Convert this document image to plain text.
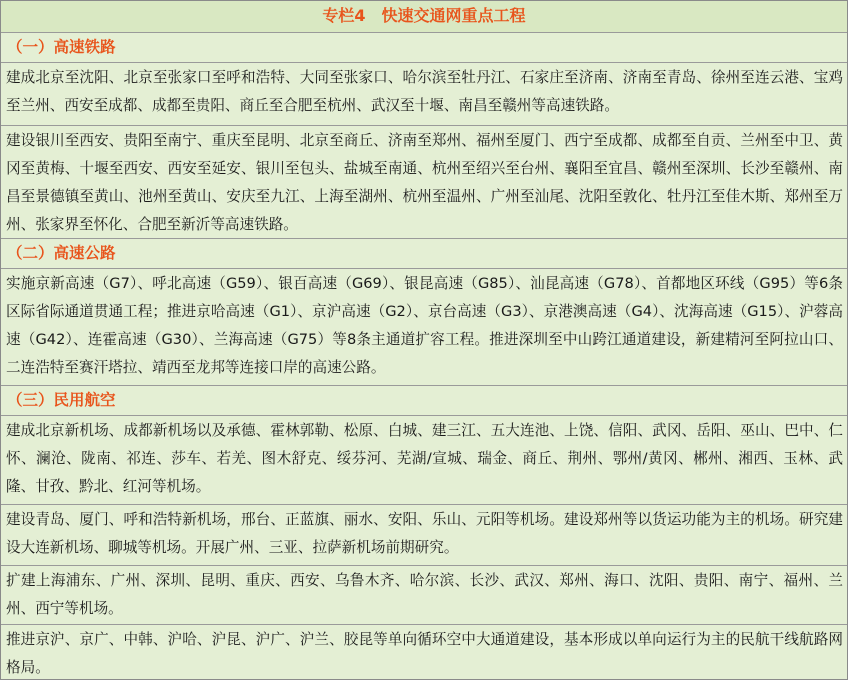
专栏4　快速交通网重点工程
（一）高速铁路
建成北京至沈阳、北京至张家口至呼和浩特、大同至张家口、哈尔滨至牡丹江、石家庄至济南、济南至青岛、徐州至连云港、宝鸡至兰州、西安至成都、成都至贵阳、商丘至合肥至杭州、武汉至十堰、南昌至赣州等高速铁路。
建设银川至西安、贵阳至南宁、重庆至昆明、北京至商丘、济南至郑州、福州至厦门、西宁至成都、成都至自贡、兰州至中卫、黄冈至黄梅、十堰至西安、西安至延安、银川至包头、盐城至南通、杭州至绍兴至台州、襄阳至宜昌、赣州至深圳、长沙至赣州、南昌至景德镇至黄山、池州至黄山、安庆至九江、上海至湖州、杭州至温州、广州至汕尾、沈阳至敦化、牡丹江至佳木斯、郑州至万州、张家界至怀化、合肥至新沂等高速铁路。
（二）高速公路
实施京新高速（G7）、呼北高速（G59）、银百高速（G69）、银昆高速（G85）、汕昆高速（G78）、首都地区环线（G95）等6条区际省际通道贯通工程；推进京哈高速（G1）、京沪高速（G2）、京台高速（G3）、京港澳高速（G4）、沈海高速（G15）、沪蓉高速（G42）、连霍高速（G30）、兰海高速（G75）等8条主通道扩容工程。推进深圳至中山跨江通道建设，新建精河至阿拉山口、二连浩特至赛汗塔拉、靖西至龙邦等连接口岸的高速公路。
（三）民用航空
建成北京新机场、成都新机场以及承德、霍林郭勒、松原、白城、建三江、五大连池、上饶、信阳、武冈、岳阳、巫山、巴中、仁怀、澜沧、陇南、祁连、莎车、若羌、图木舒克、绥芬河、芜湖/宣城、瑞金、商丘、荆州、鄂州/黄冈、郴州、湘西、玉林、武隆、甘孜、黔北、红河等机场。
建设青岛、厦门、呼和浩特新机场，邢台、正蓝旗、丽水、安阳、乐山、元阳等机场。建设郑州等以货运功能为主的机场。研究建设大连新机场、聊城等机场。开展广州、三亚、拉萨新机场前期研究。
扩建上海浦东、广州、深圳、昆明、重庆、西安、乌鲁木齐、哈尔滨、长沙、武汉、郑州、海口、沈阳、贵阳、南宁、福州、兰州、西宁等机场。
推进京沪、京广、中韩、沪哈、沪昆、沪广、沪兰、胶昆等单向循环空中大通道建设，基本形成以单向运行为主的民航干线航路网格局。
